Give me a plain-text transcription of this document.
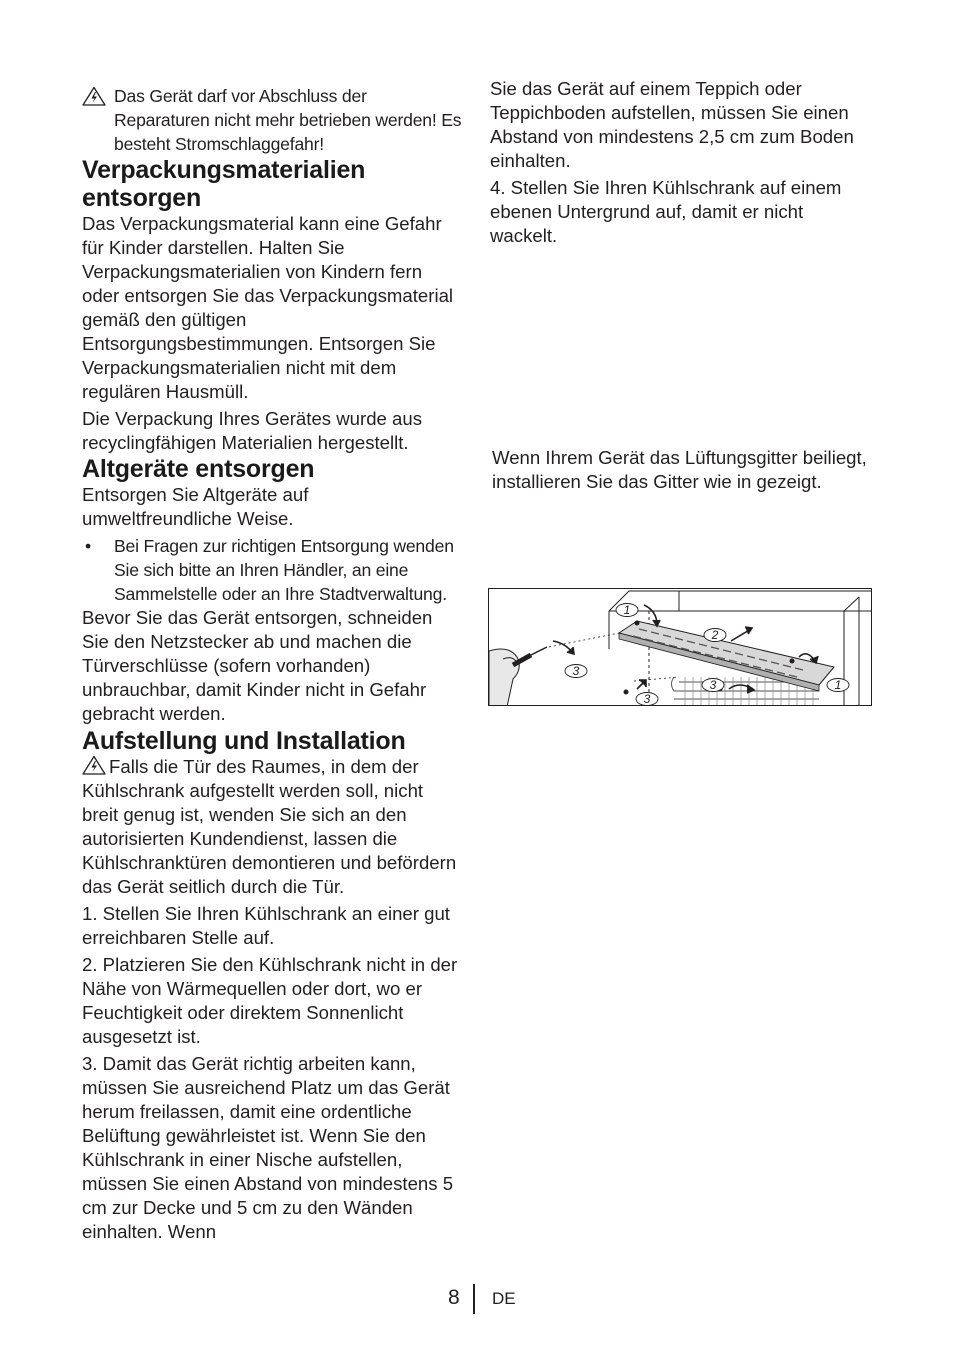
Das Gerät darf vor Abschluss der Reparaturen nicht mehr betrieben werden! Es besteht Stromschlaggefahr!

Verpackungsmaterialien entsorgen

Das Verpackungsmaterial kann eine Gefahr für Kinder darstellen. Halten Sie Verpackungsmaterialien von Kindern fern oder entsorgen Sie das Verpackungsmaterial gemäß den gültigen Entsorgungsbestimmungen. Entsorgen Sie Verpackungsmaterialien nicht mit dem regulären Hausmüll.

Die Verpackung Ihres Gerätes wurde aus recyclingfähigen Materialien hergestellt.

Altgeräte entsorgen

Entsorgen Sie Altgeräte auf umweltfreundliche Weise.

• Bei Fragen zur richtigen Entsorgung wenden Sie sich bitte an Ihren Händler, an eine Sammelstelle oder an Ihre Stadtverwaltung.

Bevor Sie das Gerät entsorgen, schneiden Sie den Netzstecker ab und machen die Türverschlüsse (sofern vorhanden) unbrauchbar, damit Kinder nicht in Gefahr gebracht werden.

Aufstellung und Installation

Falls die Tür des Raumes, in dem der Kühlschrank aufgestellt werden soll, nicht breit genug ist, wenden Sie sich an den autorisierten Kundendienst, lassen die Kühlschranktüren demontieren und befördern das Gerät seitlich durch die Tür.

1. Stellen Sie Ihren Kühlschrank an einer gut erreichbaren Stelle auf.

2. Platzieren Sie den Kühlschrank nicht in der Nähe von Wärmequellen oder dort, wo er Feuchtigkeit oder direktem Sonnenlicht ausgesetzt ist.

3. Damit das Gerät richtig arbeiten kann, müssen Sie ausreichend Platz um das Gerät herum freilassen, damit eine ordentliche Belüftung gewährleistet ist. Wenn Sie den Kühlschrank in einer Nische aufstellen, müssen Sie einen Abstand von mindestens 5 cm zur Decke und 5 cm zu den Wänden einhalten. Wenn

Sie das Gerät auf einem Teppich oder Teppichboden aufstellen, müssen Sie einen Abstand von mindestens 2,5 cm zum Boden einhalten.

4. Stellen Sie Ihren Kühlschrank auf einem ebenen Untergrund auf, damit er nicht wackelt.

Wenn Ihrem Gerät das Lüftungsgitter beiliegt, installieren Sie das Gitter wie in gezeigt.

1
2
3
3
3	1
8 DE
